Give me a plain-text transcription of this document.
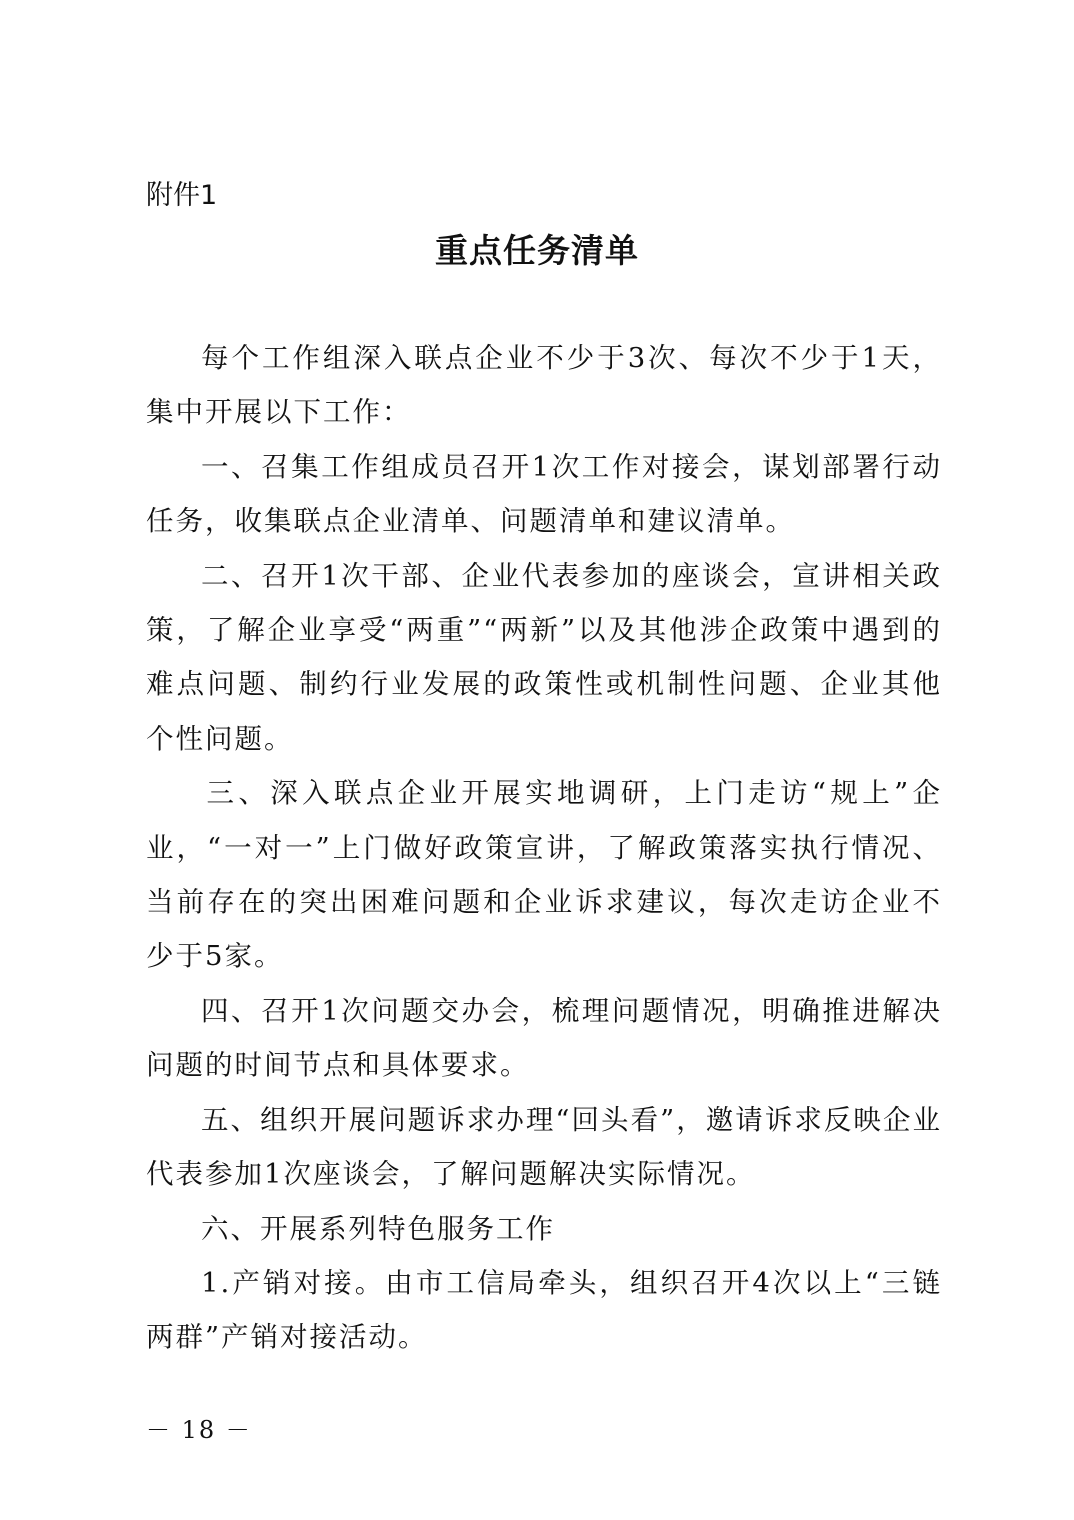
附件1
重点任务清单

每个工作组深入联点企业不少于3次、每次不少于1天，集中开展以下工作：

一、召集工作组成员召开1次工作对接会，谋划部署行动任务，收集联点企业清单、问题清单和建议清单。

二、召开1次干部、企业代表参加的座谈会，宣讲相关政策，了解企业享受“两重”“两新”以及其他涉企政策中遇到的难点问题、制约行业发展的政策性或机制性问题、企业其他个性问题。

三、深入联点企业开展实地调研，上门走访“规上”企业，“一对一”上门做好政策宣讲，了解政策落实执行情况、当前存在的突出困难问题和企业诉求建议，每次走访企业不少于5家。

四、召开1次问题交办会，梳理问题情况，明确推进解决问题的时间节点和具体要求。

五、组织开展问题诉求办理“回头看”，邀请诉求反映企业代表参加1次座谈会，了解问题解决实际情况。

六、开展系列特色服务工作

1.产销对接。由市工信局牵头，组织召开4次以上“三链两群”产销对接活动。

－ 18 －
